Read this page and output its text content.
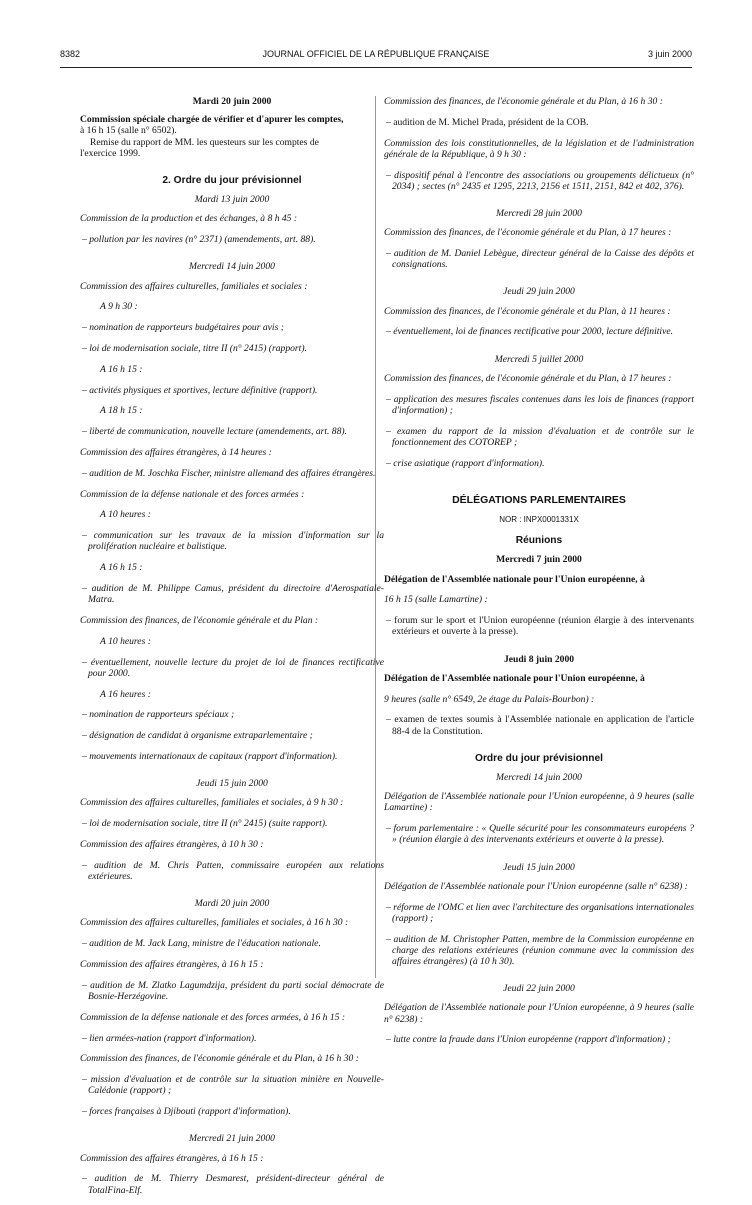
8382	JOURNAL OFFICIEL DE LA RÉPUBLIQUE FRANÇAISE	3 juin 2000

Mardi 20 juin 2000

Commission spéciale chargée de vérifier et d'apurer les comptes,

à 16 h 15 (salle n° 6502).

Remise du rapport de MM. les questeurs sur les comptes de

l'exercice 1999.

2. Ordre du jour prévisionnel

Mardi 13 juin 2000

Commission de la production et des échanges, à 8 h 45 :

– pollution par les navires (n° 2371) (amendements, art. 88).

Mercredi 14 juin 2000

Commission des affaires culturelles, familiales et sociales :

A 9 h 30 :

– nomination de rapporteurs budgétaires pour avis ;

– loi de modernisation sociale, titre II (n° 2415) (rapport).

A 16 h 15 :

– activités physiques et sportives, lecture définitive (rapport).

A 18 h 15 :

– liberté de communication, nouvelle lecture (amendements, art. 88).

Commission des affaires étrangères, à 14 heures :

– audition de M. Joschka Fischer, ministre allemand des affaires étrangères.

Commission de la défense nationale et des forces armées :

A 10 heures :

– communication sur les travaux de la mission d'information sur la prolifération nucléaire et balistique.

A 16 h 15 :

– audition de M. Philippe Camus, président du directoire d'Aerospatiale-Matra.

Commission des finances, de l'économie générale et du Plan :

A 10 heures :

– éventuellement, nouvelle lecture du projet de loi de finances rectificative pour 2000.

A 16 heures :

– nomination de rapporteurs spéciaux ;

– désignation de candidat à organisme extraparlementaire ;

– mouvements internationaux de capitaux (rapport d'information).

Jeudi 15 juin 2000

Commission des affaires culturelles, familiales et sociales, à 9 h 30 :

– loi de modernisation sociale, titre II (n° 2415) (suite rapport).

Commission des affaires étrangères, à 10 h 30 :

– audition de M. Chris Patten, commissaire européen aux relations extérieures.

Mardi 20 juin 2000

Commission des affaires culturelles, familiales et sociales, à 16 h 30 :

– audition de M. Jack Lang, ministre de l'éducation nationale.

Commission des affaires étrangères, à 16 h 15 :

– audition de M. Zlatko Lagumdzija, président du parti social démocrate de Bosnie-Herzégovine.

Commission de la défense nationale et des forces armées, à 16 h 15 :

– lien armées-nation (rapport d'information).

Commission des finances, de l'économie générale et du Plan, à 16 h 30 :

– mission d'évaluation et de contrôle sur la situation minière en Nouvelle-Calédonie (rapport) ;

– forces françaises à Djibouti (rapport d'information).

Mercredi 21 juin 2000

Commission des affaires étrangères, à 16 h 15 :

– audition de M. Thierry Desmarest, président-directeur général de TotalFina-Elf.

Commission des finances, de l'économie générale et du Plan, à 16 h 30 :

– audition de M. Michel Prada, président de la COB.

Commission des lois constitutionnelles, de la législation et de l'administration générale de la République, à 9 h 30 :

– dispositif pénal à l'encontre des associations ou groupements délictueux (n° 2034) ; sectes (n° 2435 et 1295, 2213, 2156 et 1511, 2151, 842 et 402, 376).

Mercredi 28 juin 2000

Commission des finances, de l'économie générale et du Plan, à 17 heures :

– audition de M. Daniel Lebègue, directeur général de la Caisse des dépôts et consignations.

Jeudi 29 juin 2000

Commission des finances, de l'économie générale et du Plan, à 11 heures :

– éventuellement, loi de finances rectificative pour 2000, lecture définitive.

Mercredi 5 juillet 2000

Commission des finances, de l'économie générale et du Plan, à 17 heures :

– application des mesures fiscales contenues dans les lois de finances (rapport d'information) ;

– examen du rapport de la mission d'évaluation et de contrôle sur le fonctionnement des COTOREP ;

– crise asiatique (rapport d'information).

DÉLÉGATIONS PARLEMENTAIRES

NOR : INPX0001331X

Réunions

Mercredi 7 juin 2000

Délégation de l'Assemblée nationale pour l'Union européenne, à

16 h 15 (salle Lamartine) :

– forum sur le sport et l'Union européenne (réunion élargie à des intervenants extérieurs et ouverte à la presse).

Jeudi 8 juin 2000

Délégation de l'Assemblée nationale pour l'Union européenne, à

9 heures (salle n° 6549, 2e étage du Palais-Bourbon) :

– examen de textes soumis à l'Assemblée nationale en application de l'article 88-4 de la Constitution.

Ordre du jour prévisionnel

Mercredi 14 juin 2000

Délégation de l'Assemblée nationale pour l'Union européenne, à 9 heures (salle Lamartine) :

– forum parlementaire : « Quelle sécurité pour les consommateurs européens ? » (réunion élargie à des intervenants extérieurs et ouverte à la presse).

Jeudi 15 juin 2000

Délégation de l'Assemblée nationale pour l'Union européenne (salle n° 6238) :

– réforme de l'OMC et lien avec l'architecture des organisations internationales (rapport) ;

– audition de M. Christopher Patten, membre de la Commission européenne en charge des relations extérieures (réunion commune avec la commission des affaires étrangères) (à 10 h 30).

Jeudi 22 juin 2000

Délégation de l'Assemblée nationale pour l'Union européenne, à 9 heures (salle n° 6238) :

– lutte contre la fraude dans l'Union européenne (rapport d'information) ;
